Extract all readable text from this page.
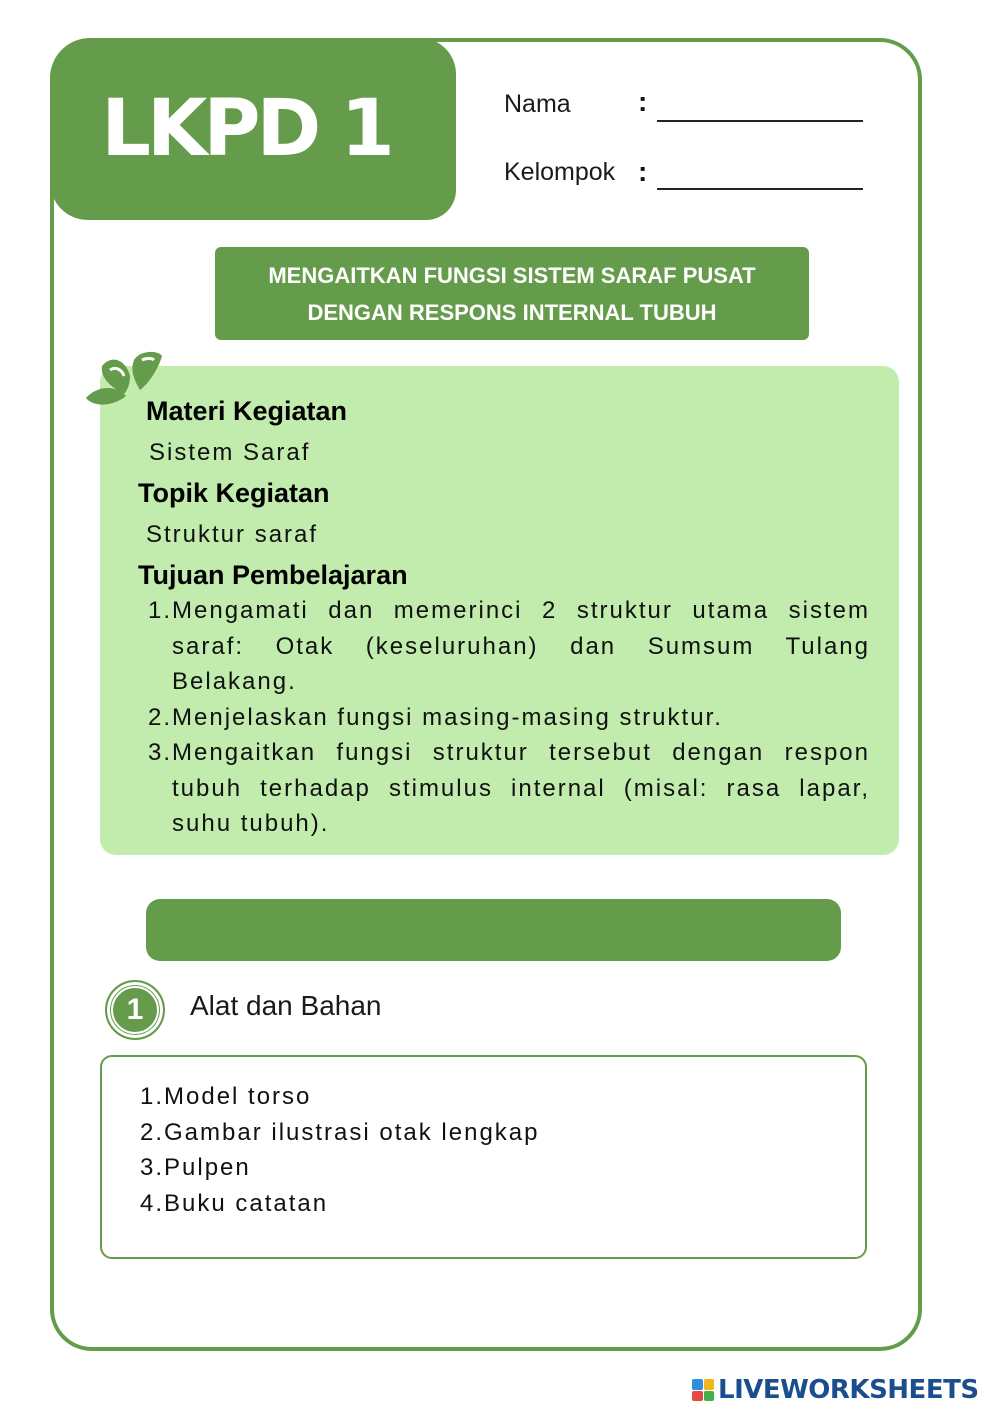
LKPD 1	Nama :
Kelompok :
MENGAITKAN FUNGSI SISTEM SARAF PUSAT
DENGAN RESPONS INTERNAL TUBUH
Materi Kegiatan
Sistem Saraf
Topik Kegiatan
Struktur saraf
Tujuan Pembelajaran
1. Mengamati dan memerinci 2 struktur utama sistem saraf: Otak (keseluruhan) dan Sumsum Tulang Belakang.
2. Menjelaskan fungsi masing-masing struktur.
3. Mengaitkan fungsi struktur tersebut dengan respon tubuh terhadap stimulus internal (misal: rasa lapar, suhu tubuh).
1	Alat dan Bahan
1. Model torso
2. Gambar ilustrasi otak lengkap
3. Pulpen
4. Buku catatan
LIVEWORKSHEETS
